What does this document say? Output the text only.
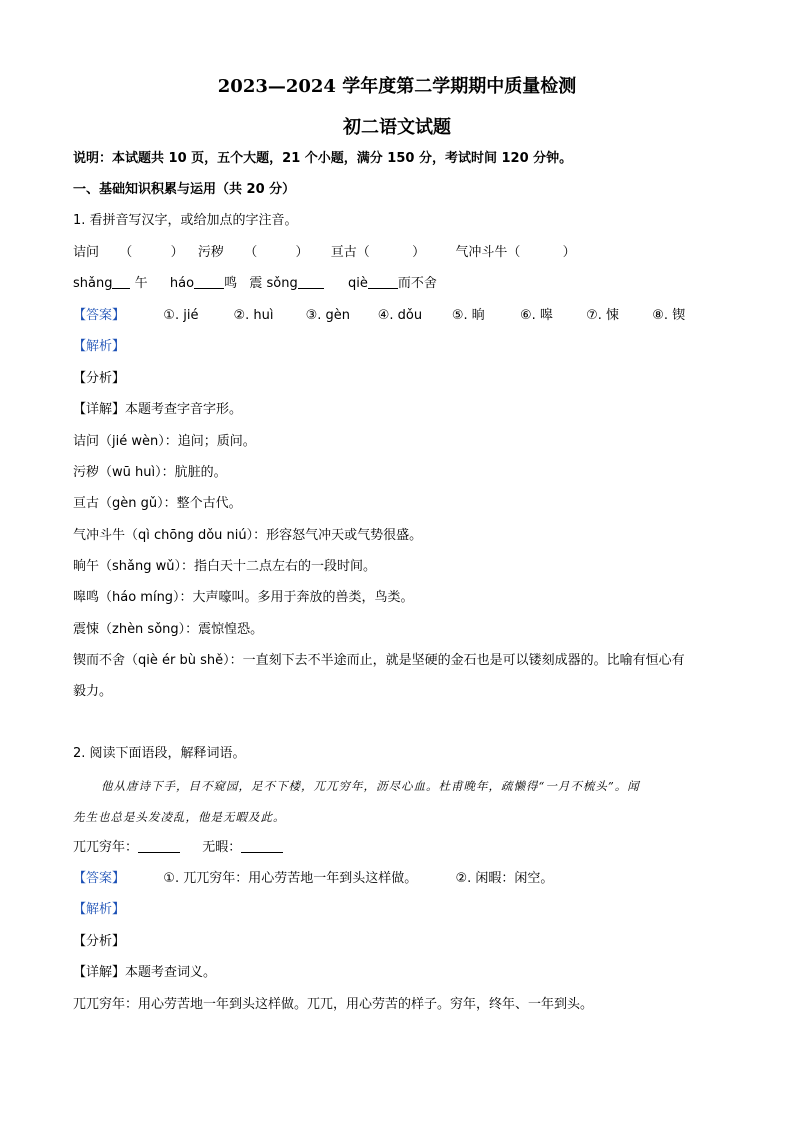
2023—2024 学年度第二学期期中质量检测
初二语文试题
说明：本试题共 10 页，五个大题，21 个小题，满分 150 分，考试时间 120 分钟。
一、基础知识积累与运用（共 20 分）
1. 看拼音写汉字，或给加点的字注音。
诘问 （	） 污秽 （	） 亘古（	） 气冲斗牛（	）
shǎng 午 háo 鸣 震 sǒng	qiè 而不舍
【答案】	①. jié	②. huì ③. gèn ④. dǒu ⑤. 晌	⑥. 嗥	⑦. 悚	⑧. 锲
【解析】
【分析】
【详解】本题考查字音字形。
诘问（jié wèn）：追问；质问。
污秽（wū huì）：肮脏的。
亘古（gèn gǔ）：整个古代。
气冲斗牛（qì chōng dǒu niú）：形容怒气冲天或气势很盛。
晌午（shǎng wǔ）：指白天十二点左右的一段时间。
嗥鸣（háo míng）：大声嚎叫。多用于奔放的兽类，鸟类。
震悚（zhèn sǒng）：震惊惶恐。
锲而不舍（qiè ér bù shě）：一直刻下去不半途而止，就是坚硬的金石也是可以镂刻成器的。比喻有恒心有
毅力。
2. 阅读下面语段，解释词语。
他从唐诗下手，目不窥园，足不下楼，兀兀穷年，沥尽心血。杜甫晚年，疏懒得“一月不梳头”。闻
先生也总是头发凌乱，他是无暇及此。
兀兀穷年：	无暇：
【答案】	①. 兀兀穷年：用心劳苦地一年到头这样做。	②. 闲暇：闲空。
【解析】
【分析】
【详解】本题考查词义。
兀兀穷年：用心劳苦地一年到头这样做。兀兀，用心劳苦的样子。穷年，终年、一年到头。
